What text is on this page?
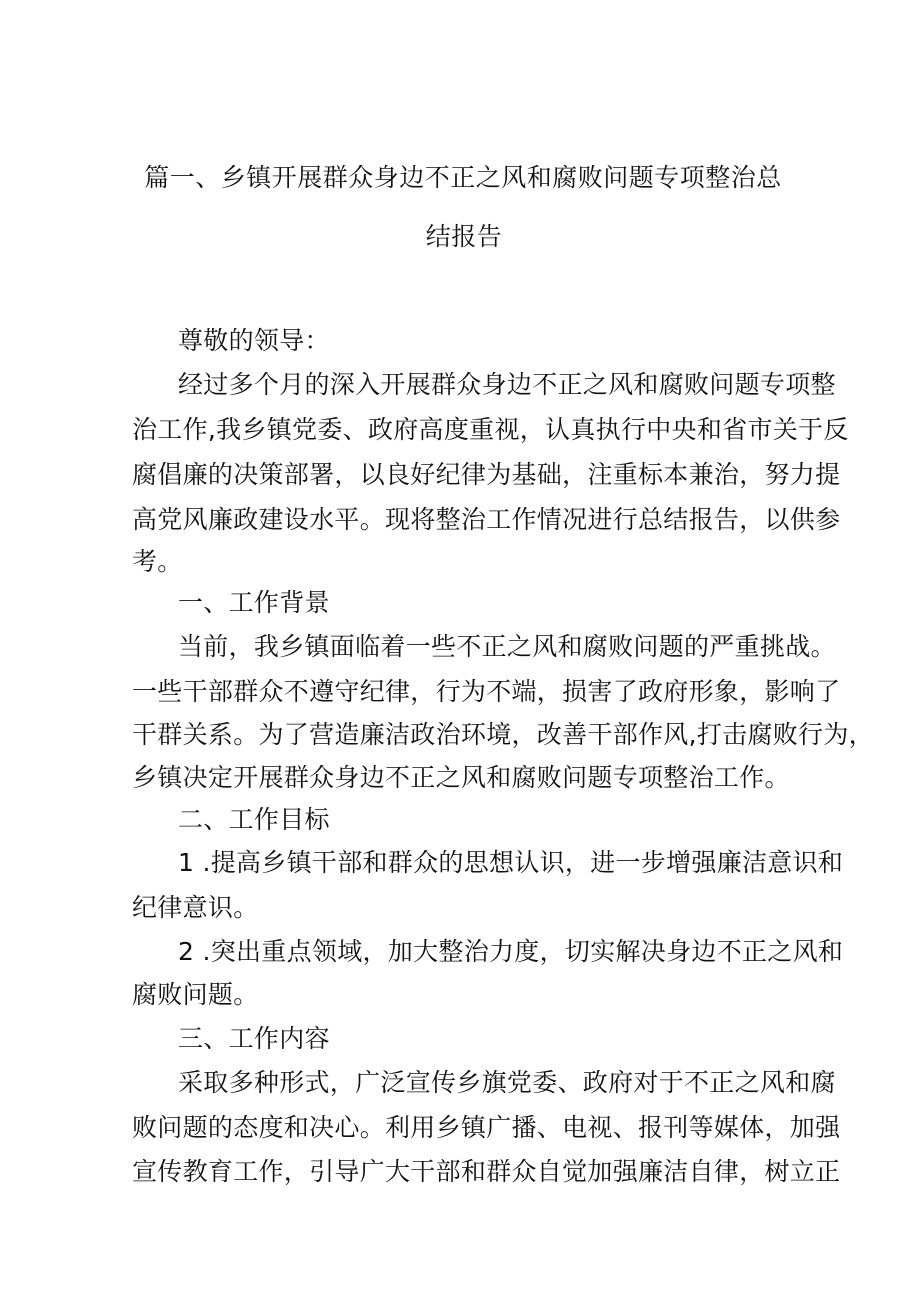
篇一、乡镇开展群众身边不正之风和腐败问题专项整治总
结报告
尊敬的领导：
经过多个月的深入开展群众身边不正之风和腐败问题专项整
治工作,我乡镇党委、政府高度重视，认真执行中央和省市关于反
腐倡廉的决策部署，以良好纪律为基础，注重标本兼治，努力提
高党风廉政建设水平。现将整治工作情况进行总结报告，以供参
考。
一、工作背景
当前，我乡镇面临着一些不正之风和腐败问题的严重挑战。
一些干部群众不遵守纪律，行为不端，损害了政府形象，影响了
干群关系。为了营造廉洁政治环境，改善干部作风,打击腐败行为，
乡镇决定开展群众身边不正之风和腐败问题专项整治工作。
二、工作目标
1 .提高乡镇干部和群众的思想认识，进一步增强廉洁意识和
纪律意识。
2 .突出重点领域，加大整治力度，切实解决身边不正之风和
腐败问题。
三、工作内容
采取多种形式，广泛宣传乡旗党委、政府对于不正之风和腐
败问题的态度和决心。利用乡镇广播、电视、报刊等媒体，加强
宣传教育工作，引导广大干部和群众自觉加强廉洁自律，树立正
